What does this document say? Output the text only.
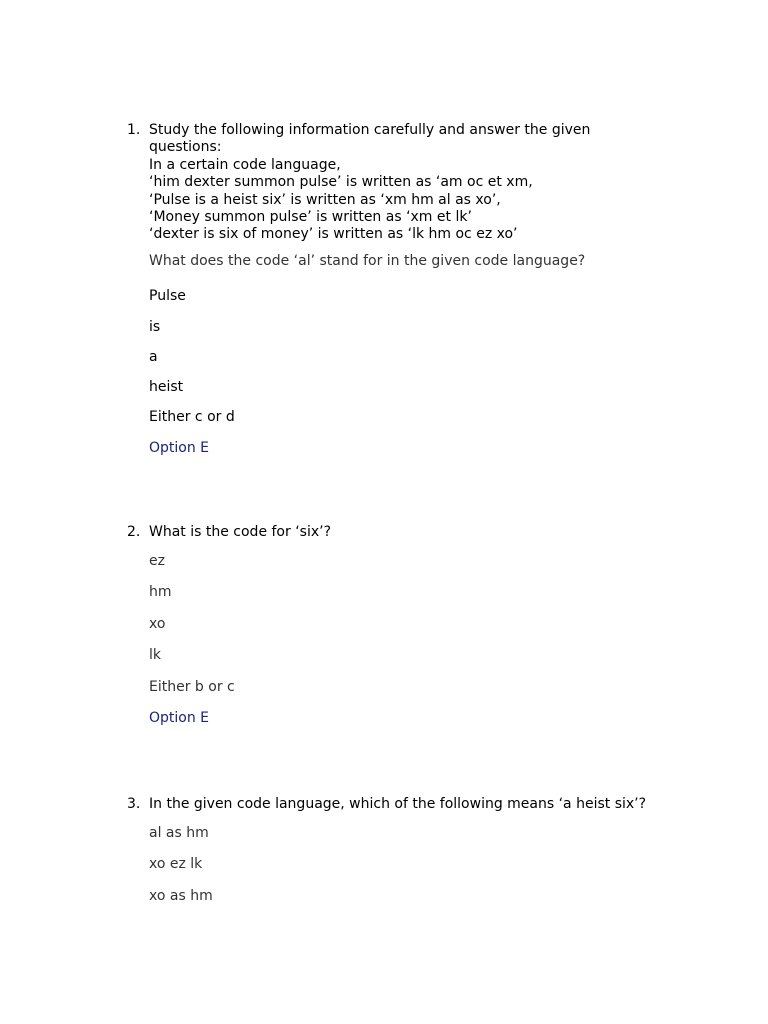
1. Study the following information carefully and answer the given
questions:
In a certain code language,
‘him dexter summon pulse’ is written as ‘am oc et xm,
‘Pulse is a heist six’ is written as ‘xm hm al as xo’,
‘Money summon pulse’ is written as ‘xm et lk’
‘dexter is six of money’ is written as ‘lk hm oc ez xo’

What does the code ‘al’ stand for in the given code language?
Pulse
is
a
heist
Either c or d
Option E
2. What is the code for ‘six’?

ez
hm
xo
lk
Either b or c
Option E
3. In the given code language, which of the following means ‘a heist six’?

al as hm
xo ez lk
xo as hm
